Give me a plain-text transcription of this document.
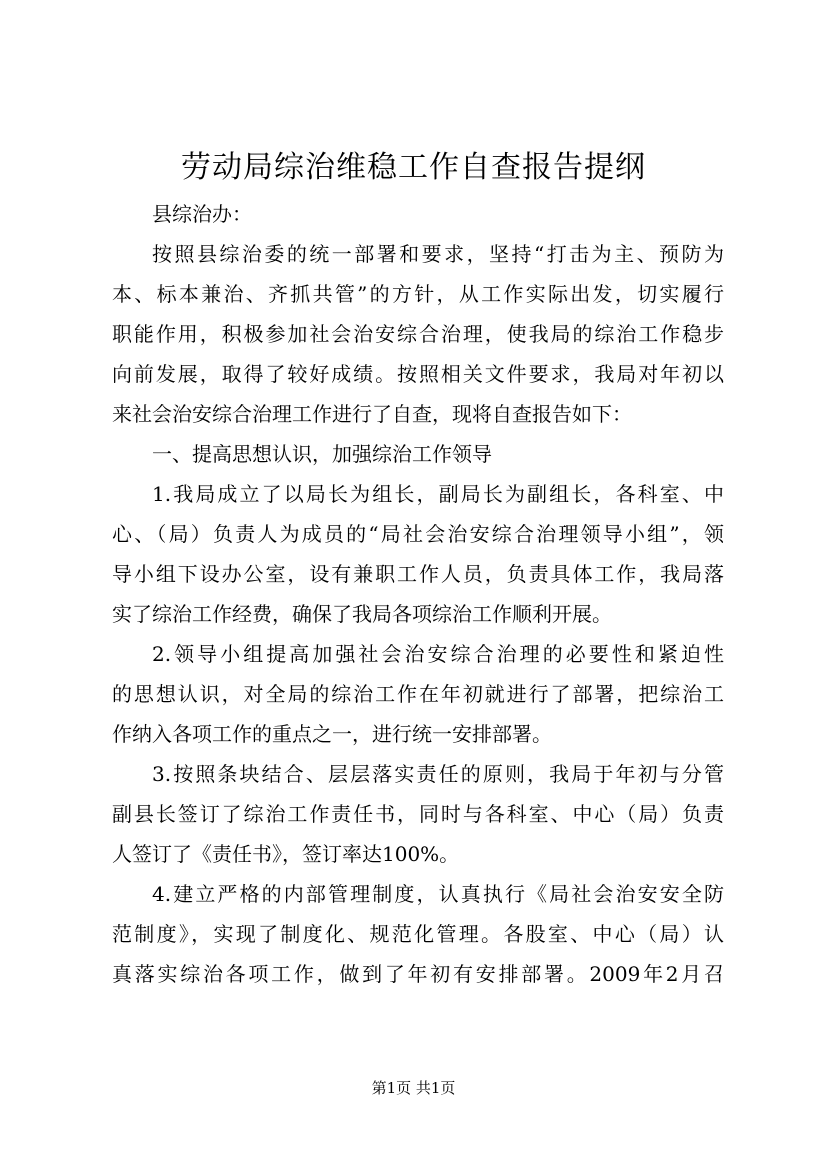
劳动局综治维稳工作自查报告提纲
县综治办：
按照县综治委的统一部署和要求，坚持“打击为主、预防为
本、标本兼治、齐抓共管”的方针，从工作实际出发，切实履行
职能作用，积极参加社会治安综合治理，使我局的综治工作稳步
向前发展，取得了较好成绩。按照相关文件要求，我局对年初以
来社会治安综合治理工作进行了自查，现将自查报告如下：
一、提高思想认识，加强综治工作领导
1.我局成立了以局长为组长，副局长为副组长，各科室、中
心、（局）负责人为成员的“局社会治安综合治理领导小组”，领
导小组下设办公室，设有兼职工作人员，负责具体工作，我局落
实了综治工作经费，确保了我局各项综治工作顺利开展。
2.领导小组提高加强社会治安综合治理的必要性和紧迫性
的思想认识，对全局的综治工作在年初就进行了部署，把综治工
作纳入各项工作的重点之一，进行统一安排部署。
3.按照条块结合、层层落实责任的原则，我局于年初与分管
副县长签订了综治工作责任书，同时与各科室、中心（局）负责
人签订了《责任书》，签订率达100%。
4.建立严格的内部管理制度，认真执行《局社会治安安全防
范制度》，实现了制度化、规范化管理。各股室、中心（局）认
真落实综治各项工作，做到了年初有安排部署。2009年2月召
第1页 共1页
